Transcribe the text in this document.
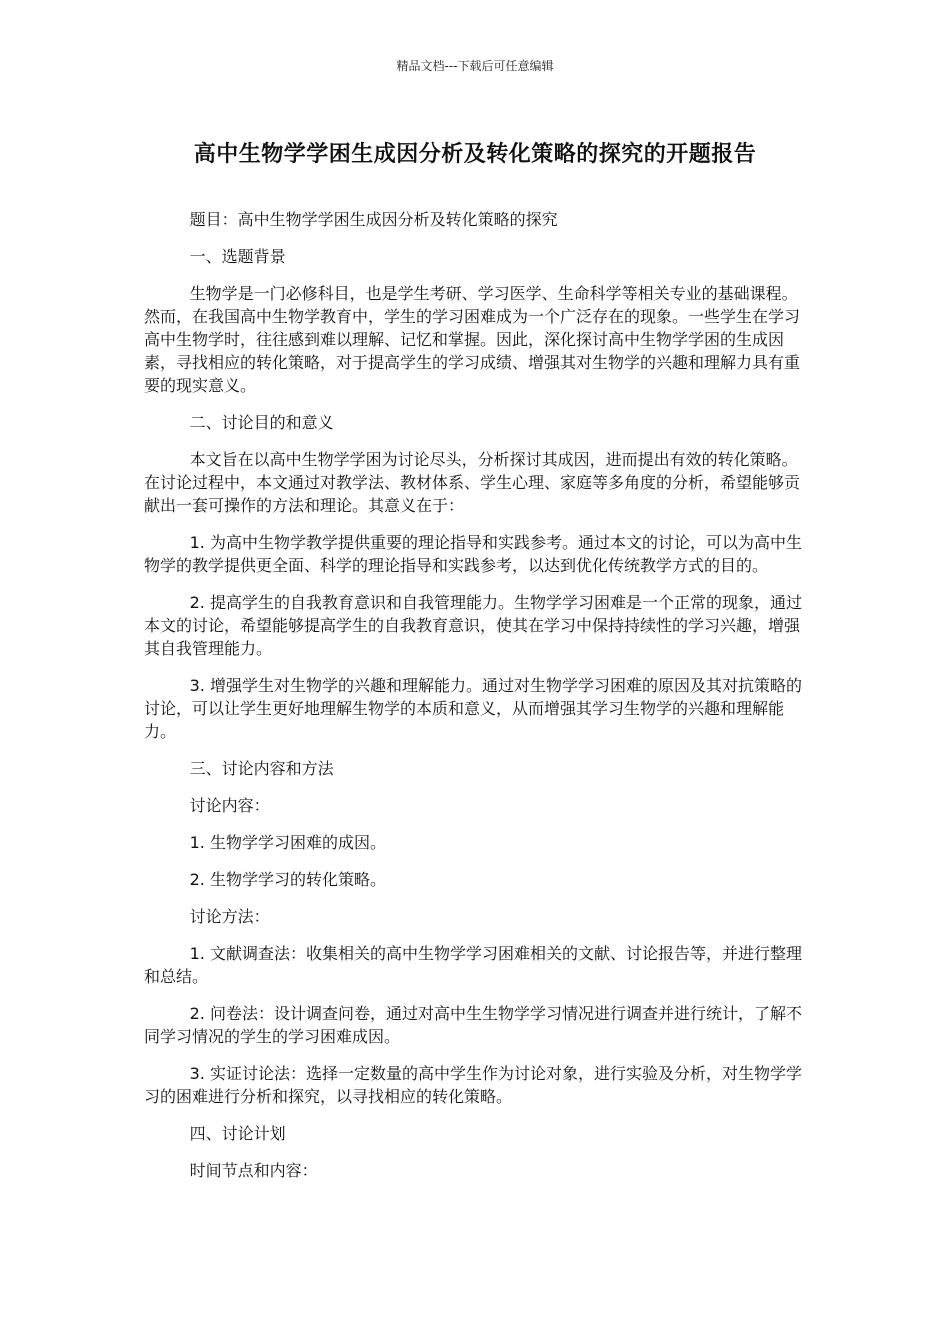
精品文档---下载后可任意编辑
高中生物学学困生成因分析及转化策略的探究的开题报告

题目：高中生物学学困生成因分析及转化策略的探究

一、选题背景

生物学是一门必修科目，也是学生考研、学习医学、生命科学等相关专业的基础课程。然而，在我国高中生物学教育中，学生的学习困难成为一个广泛存在的现象。一些学生在学习高中生物学时，往往感到难以理解、记忆和掌握。因此，深化探讨高中生物学学困的生成因素，寻找相应的转化策略，对于提高学生的学习成绩、增强其对生物学的兴趣和理解力具有重要的现实意义。

二、讨论目的和意义

本文旨在以高中生物学学困为讨论尽头，分析探讨其成因，进而提出有效的转化策略。在讨论过程中，本文通过对教学法、教材体系、学生心理、家庭等多角度的分析，希望能够贡献出一套可操作的方法和理论。其意义在于：

1. 为高中生物学教学提供重要的理论指导和实践参考。通过本文的讨论，可以为高中生物学的教学提供更全面、科学的理论指导和实践参考，以达到优化传统教学方式的目的。

2. 提高学生的自我教育意识和自我管理能力。生物学学习困难是一个正常的现象，通过本文的讨论，希望能够提高学生的自我教育意识，使其在学习中保持持续性的学习兴趣，增强其自我管理能力。

3. 增强学生对生物学的兴趣和理解能力。通过对生物学学习困难的原因及其对抗策略的讨论，可以让学生更好地理解生物学的本质和意义，从而增强其学习生物学的兴趣和理解能力。

三、讨论内容和方法

讨论内容：

1. 生物学学习困难的成因。

2. 生物学学习的转化策略。

讨论方法：

1. 文献调查法：收集相关的高中生物学学习困难相关的文献、讨论报告等，并进行整理和总结。

2. 问卷法：设计调查问卷，通过对高中生生物学学习情况进行调查并进行统计，了解不同学习情况的学生的学习困难成因。

3. 实证讨论法：选择一定数量的高中学生作为讨论对象，进行实验及分析，对生物学学习的困难进行分析和探究，以寻找相应的转化策略。

四、讨论计划

时间节点和内容：
